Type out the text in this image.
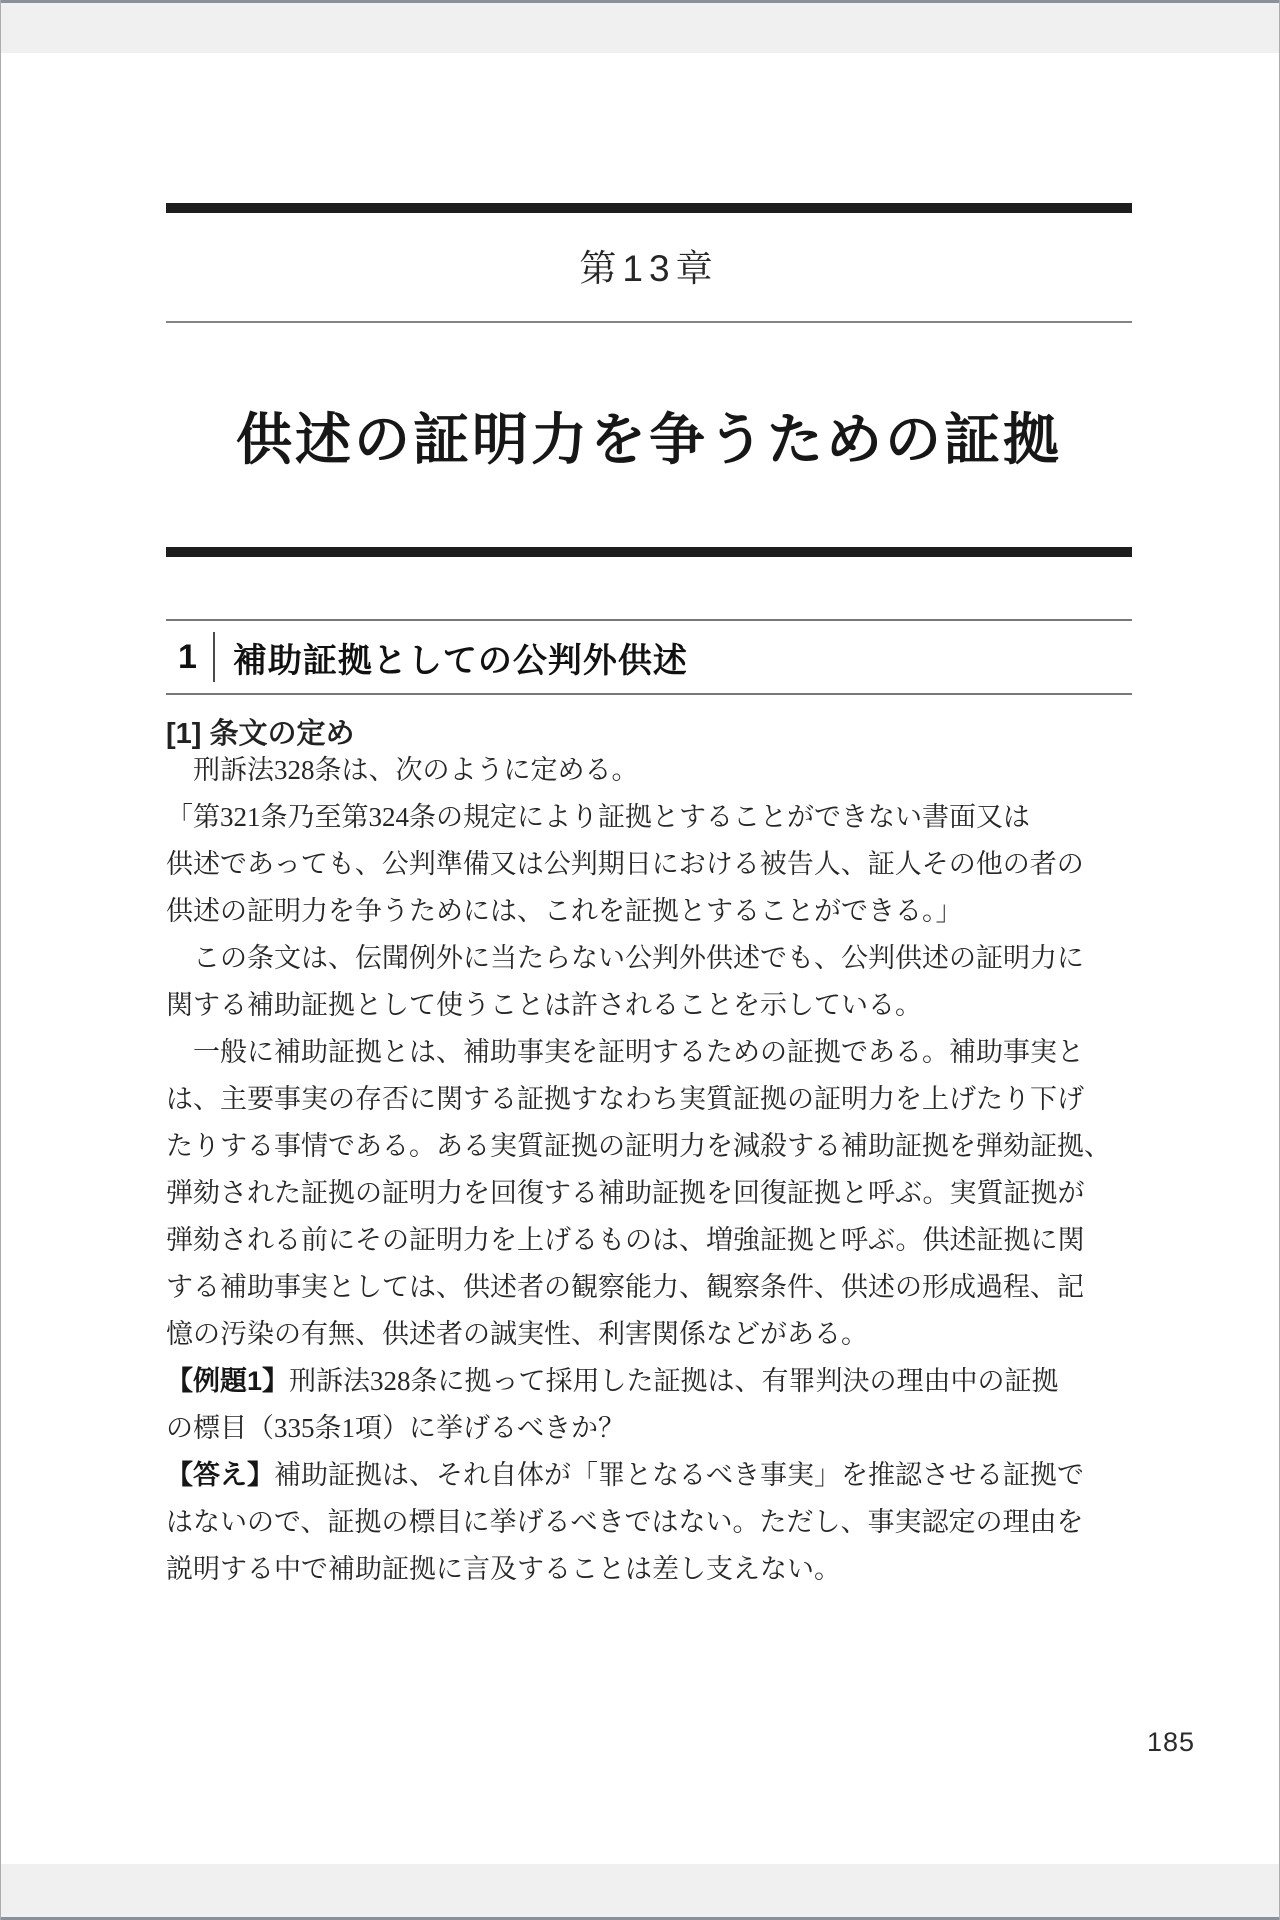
第13章
供述の証明力を争うための証拠
1 補助証拠としての公判外供述
[1] 条文の定め
　刑訴法328条は、次のように定める。
「第321条乃至第324条の規定により証拠とすることができない書面又は
供述であっても、公判準備又は公判期日における被告人、証人その他の者の
供述の証明力を争うためには、これを証拠とすることができる。」
　この条文は、伝聞例外に当たらない公判外供述でも、公判供述の証明力に
関する補助証拠として使うことは許されることを示している。
　一般に補助証拠とは、補助事実を証明するための証拠である。補助事実と
は、主要事実の存否に関する証拠すなわち実質証拠の証明力を上げたり下げ
たりする事情である。ある実質証拠の証明力を減殺する補助証拠を弾劾証拠、
弾劾された証拠の証明力を回復する補助証拠を回復証拠と呼ぶ。実質証拠が
弾劾される前にその証明力を上げるものは、増強証拠と呼ぶ。供述証拠に関
する補助事実としては、供述者の観察能力、観察条件、供述の形成過程、記
憶の汚染の有無、供述者の誠実性、利害関係などがある。
【例題1】刑訴法328条に拠って採用した証拠は、有罪判決の理由中の証拠
の標目（335条1項）に挙げるべきか？
【答え】補助証拠は、それ自体が「罪となるべき事実」を推認させる証拠で
はないので、証拠の標目に挙げるべきではない。ただし、事実認定の理由を
説明する中で補助証拠に言及することは差し支えない。
185
